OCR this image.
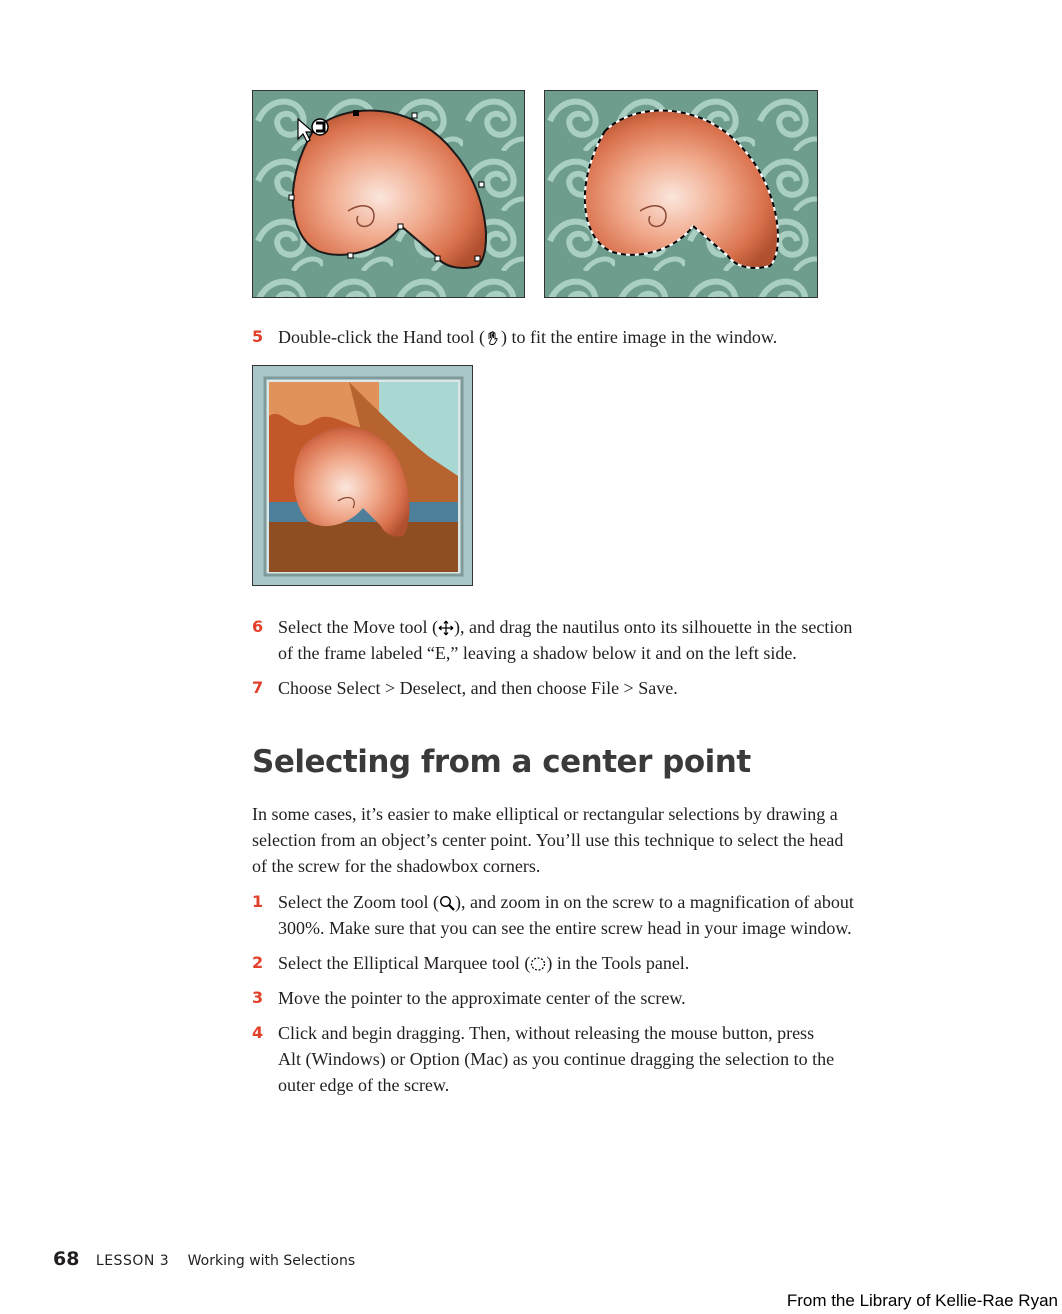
5 Double-click the Hand tool ( ) to fit the entire image in the window.

6 Select the Move tool ( ), and drag the nautilus onto its silhouette in the section

of the frame labeled “E,” leaving a shadow below it and on the left side.

7 Choose Select > Deselect, and then choose File > Save.

Selecting from a center point
In some cases, it’s easier to make elliptical or rectangular selections by drawing a
selection from an object’s center point. You’ll use this technique to select the head
of the screw for the shadowbox corners.
1 Select the Zoom tool ( ), and zoom in on the screw to a magnification of about

300%. Make sure that you can see the entire screw head in your image window.

2 Select the Elliptical Marquee tool ( ) in the Tools panel.

3 Move the pointer to the approximate center of the screw.

4 Click and begin dragging. Then, without releasing the mouse button, press

Alt (Windows) or Option (Mac) as you continue dragging the selection to the

outer edge of the screw.

68 LESSON 3 Working with Selections
From the Library of Kellie-Rae Ryan
